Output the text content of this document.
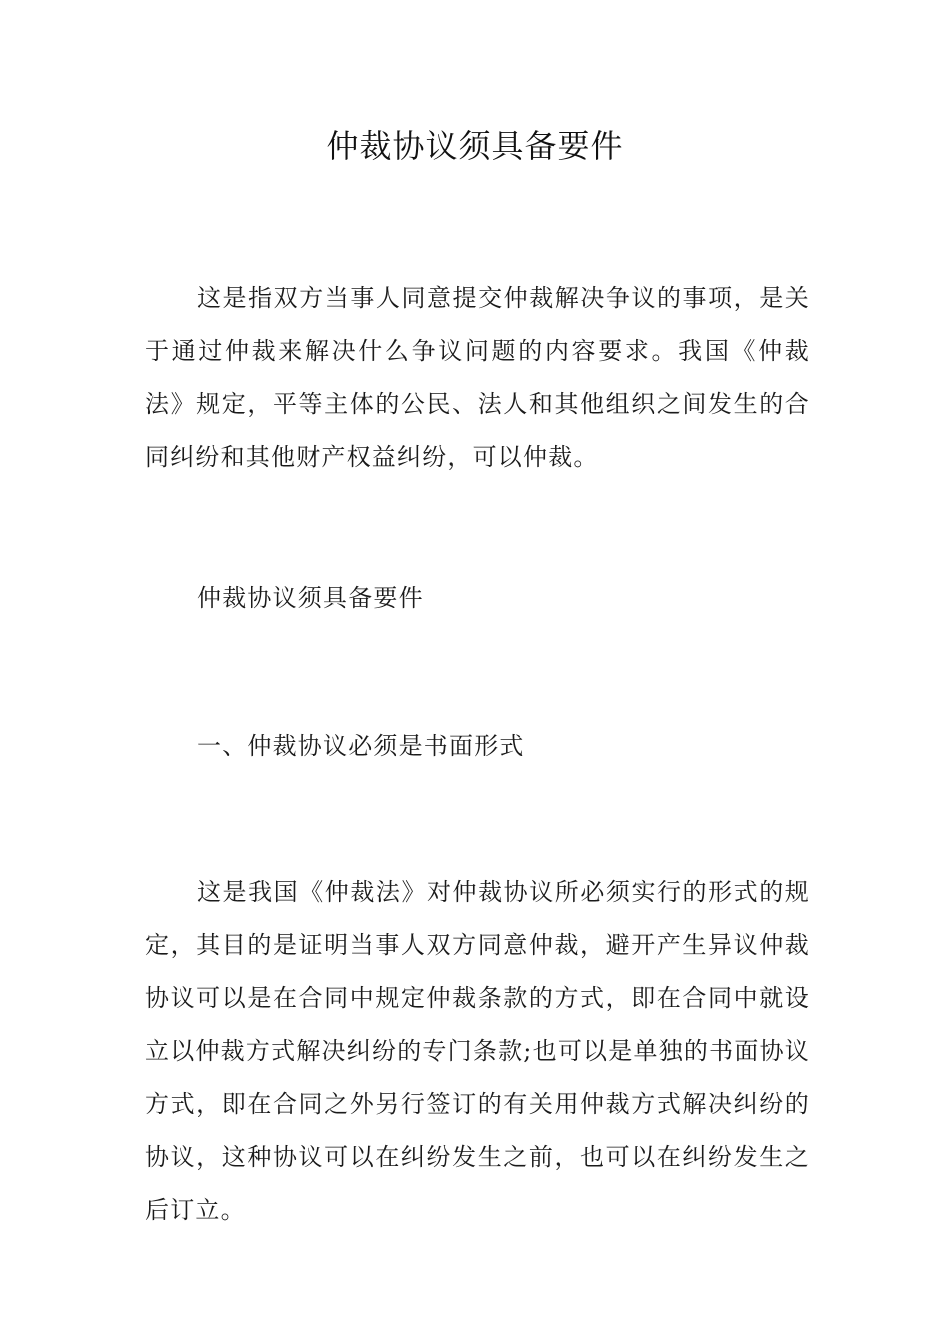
仲裁协议须具备要件

这是指双方当事人同意提交仲裁解决争议的事项，是关于通过仲裁来解决什么争议问题的内容要求。我国《仲裁法》规定，平等主体的公民、法人和其他组织之间发生的合同纠纷和其他财产权益纠纷，可以仲裁。

仲裁协议须具备要件

一、仲裁协议必须是书面形式

这是我国《仲裁法》对仲裁协议所必须实行的形式的规定，其目的是证明当事人双方同意仲裁，避开产生异议仲裁协议可以是在合同中规定仲裁条款的方式，即在合同中就设立以仲裁方式解决纠纷的专门条款;也可以是单独的书面协议方式，即在合同之外另行签订的有关用仲裁方式解决纠纷的协议，这种协议可以在纠纷发生之前，也可以在纠纷发生之后订立。
